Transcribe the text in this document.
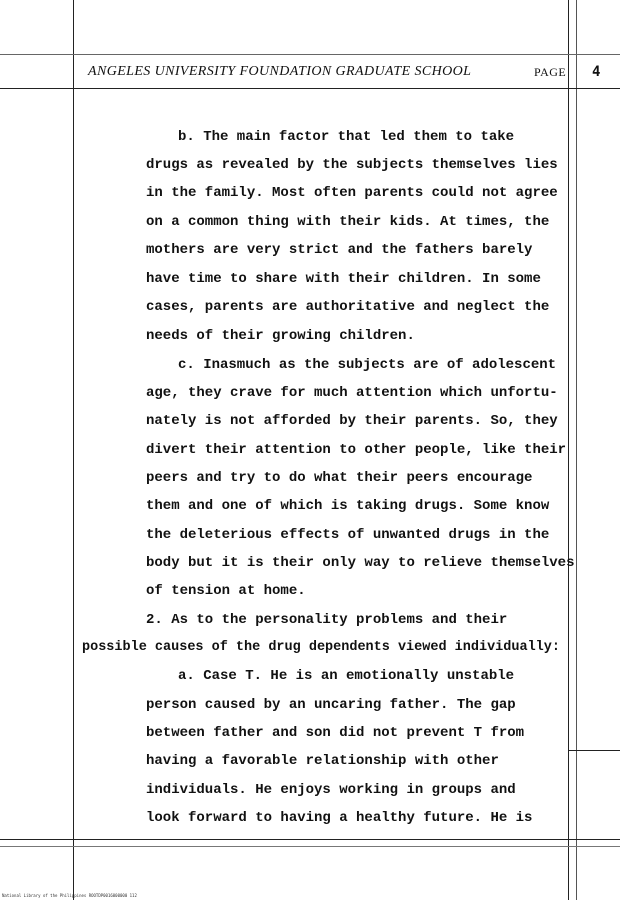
ANGELES UNIVERSITY FOUNDATION GRADUATE SCHOOL	PAGE 4
b. The main factor that led them to take
drugs as revealed by the subjects themselves lies
in the family. Most often parents could not agree
on a common thing with their kids. At times, the
mothers are very strict and the fathers barely
have time to share with their children. In some
cases, parents are authoritative and neglect the
needs of their growing children.
c. Inasmuch as the subjects are of adolescent
age, they crave for much attention which unfortu-
nately is not afforded by their parents. So, they
divert their attention to other people, like their
peers and try to do what their peers encourage
them and one of which is taking drugs. Some know
the deleterious effects of unwanted drugs in the
body but it is their only way to relieve themselves
of tension at home.
2. As to the personality problems and their
possible causes of the drug dependents viewed individually:
a. Case T. He is an emotionally unstable
person caused by an uncaring father. The gap
between father and son did not prevent T from
having a favorable relationship with other
individuals. He enjoys working in groups and
look forward to having a healthy future. He is
National Library of the Philippines ROOTDP0016000000 112
